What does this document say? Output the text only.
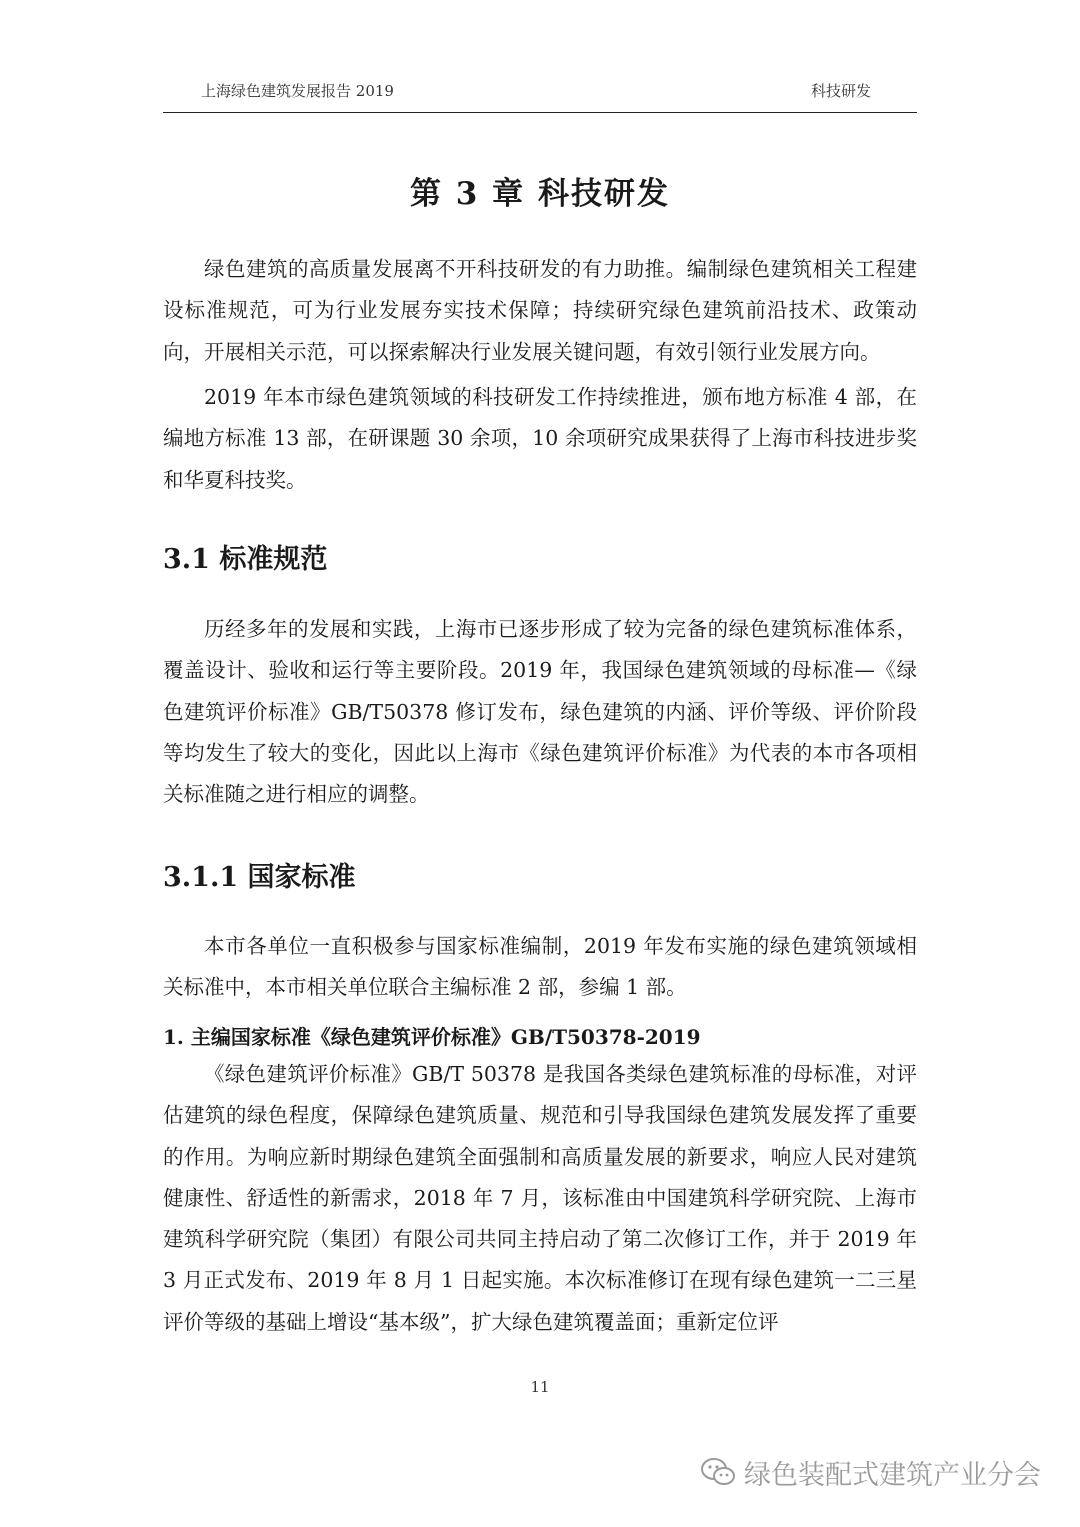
上海绿色建筑发展报告 2019	科技研发
第 3 章 科技研发

绿色建筑的高质量发展离不开科技研发的有力助推。编制绿色建筑相关工程建设标准规范，可为行业发展夯实技术保障；持续研究绿色建筑前沿技术、政策动向，开展相关示范，可以探索解决行业发展关键问题，有效引领行业发展方向。

2019 年本市绿色建筑领域的科技研发工作持续推进，颁布地方标准 4 部，在编地方标准 13 部，在研课题 30 余项，10 余项研究成果获得了上海市科技进步奖和华夏科技奖。

3.1 标准规范

历经多年的发展和实践，上海市已逐步形成了较为完备的绿色建筑标准体系，覆盖设计、验收和运行等主要阶段。2019 年，我国绿色建筑领域的母标准—《绿色建筑评价标准》GB/T50378 修订发布，绿色建筑的内涵、评价等级、评价阶段等均发生了较大的变化，因此以上海市《绿色建筑评价标准》为代表的本市各项相关标准随之进行相应的调整。

3.1.1 国家标准

本市各单位一直积极参与国家标准编制，2019 年发布实施的绿色建筑领域相关标准中，本市相关单位联合主编标准 2 部，参编 1 部。

1. 主编国家标准《绿色建筑评价标准》GB/T50378-2019

《绿色建筑评价标准》GB/T 50378 是我国各类绿色建筑标准的母标准，对评估建筑的绿色程度，保障绿色建筑质量、规范和引导我国绿色建筑发展发挥了重要的作用。为响应新时期绿色建筑全面强制和高质量发展的新要求，响应人民对建筑健康性、舒适性的新需求，2018 年 7 月，该标准由中国建筑科学研究院、上海市建筑科学研究院（集团）有限公司共同主持启动了第二次修订工作，并于 2019 年 3 月正式发布、2019 年 8 月 1 日起实施。本次标准修订在现有绿色建筑一二三星评价等级的基础上增设“基本级”，扩大绿色建筑覆盖面；重新定位评

11
绿色装配式建筑产业分会
